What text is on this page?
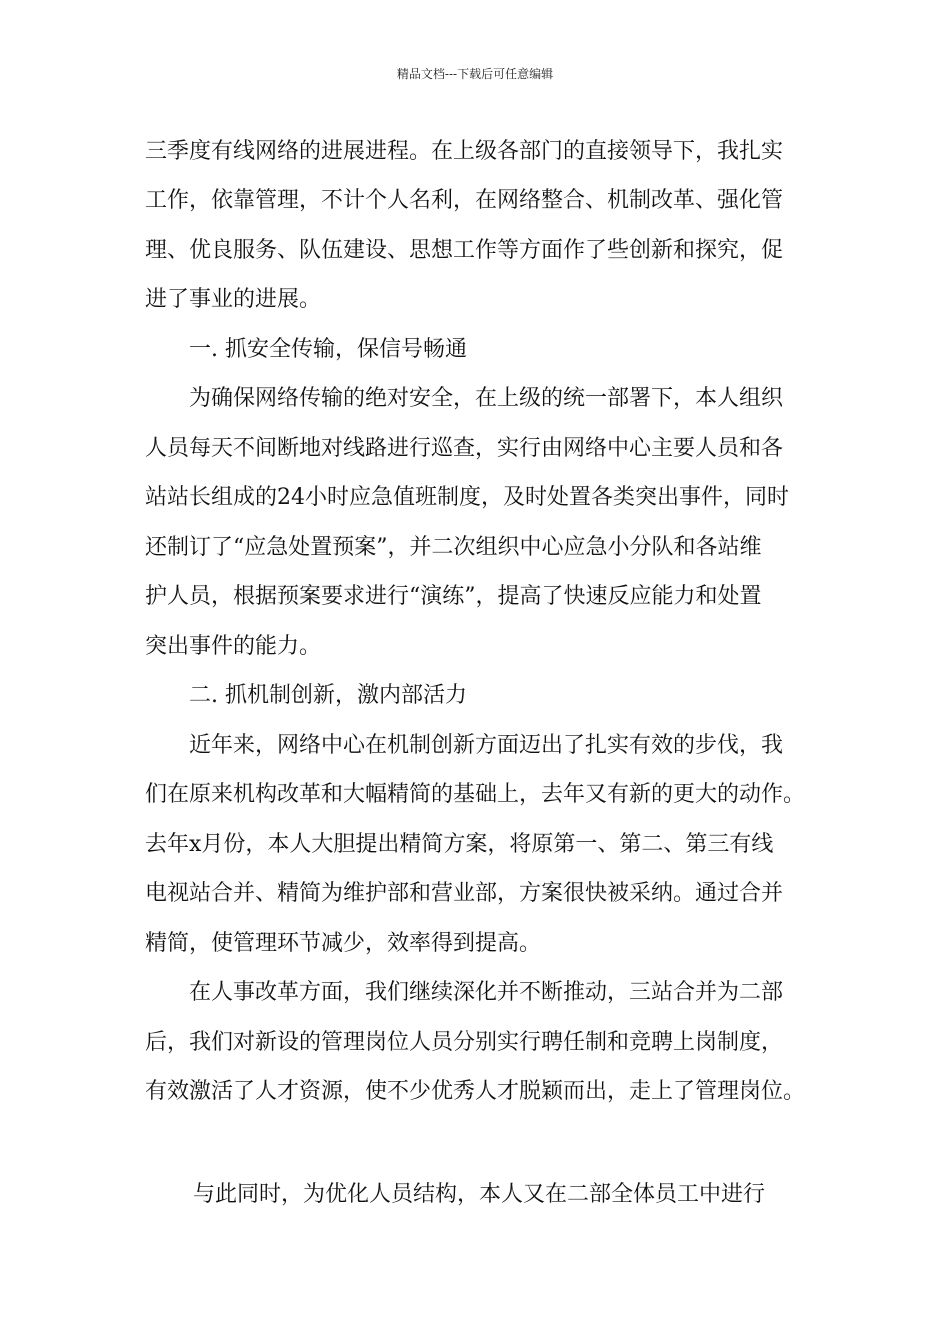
精品文档---下载后可任意编辑
三季度有线网络的进展进程。在上级各部门的直接领导下，我扎实
工作，依靠管理，不计个人名利，在网络整合、机制改革、强化管
理、优良服务、队伍建设、思想工作等方面作了些创新和探究，促
进了事业的进展。
一. 抓安全传输，保信号畅通
为确保网络传输的绝对安全，在上级的统一部署下，本人组织
人员每天不间断地对线路进行巡查，实行由网络中心主要人员和各
站站长组成的24小时应急值班制度，及时处置各类突出事件，同时
还制订了“应急处置预案”，并二次组织中心应急小分队和各站维
护人员，根据预案要求进行“演练”，提高了快速反应能力和处置
突出事件的能力。
二. 抓机制创新，激内部活力
近年来，网络中心在机制创新方面迈出了扎实有效的步伐，我
们在原来机构改革和大幅精简的基础上，去年又有新的更大的动作。
去年x月份，本人大胆提出精简方案，将原第一、第二、第三有线
电视站合并、精简为维护部和营业部，方案很快被采纳。通过合并
精简，使管理环节减少，效率得到提高。
在人事改革方面，我们继续深化并不断推动，三站合并为二部
后，我们对新设的管理岗位人员分别实行聘任制和竞聘上岗制度，
有效激活了人才资源，使不少优秀人才脱颖而出，走上了管理岗位。
与此同时，为优化人员结构，本人又在二部全体员工中进行
